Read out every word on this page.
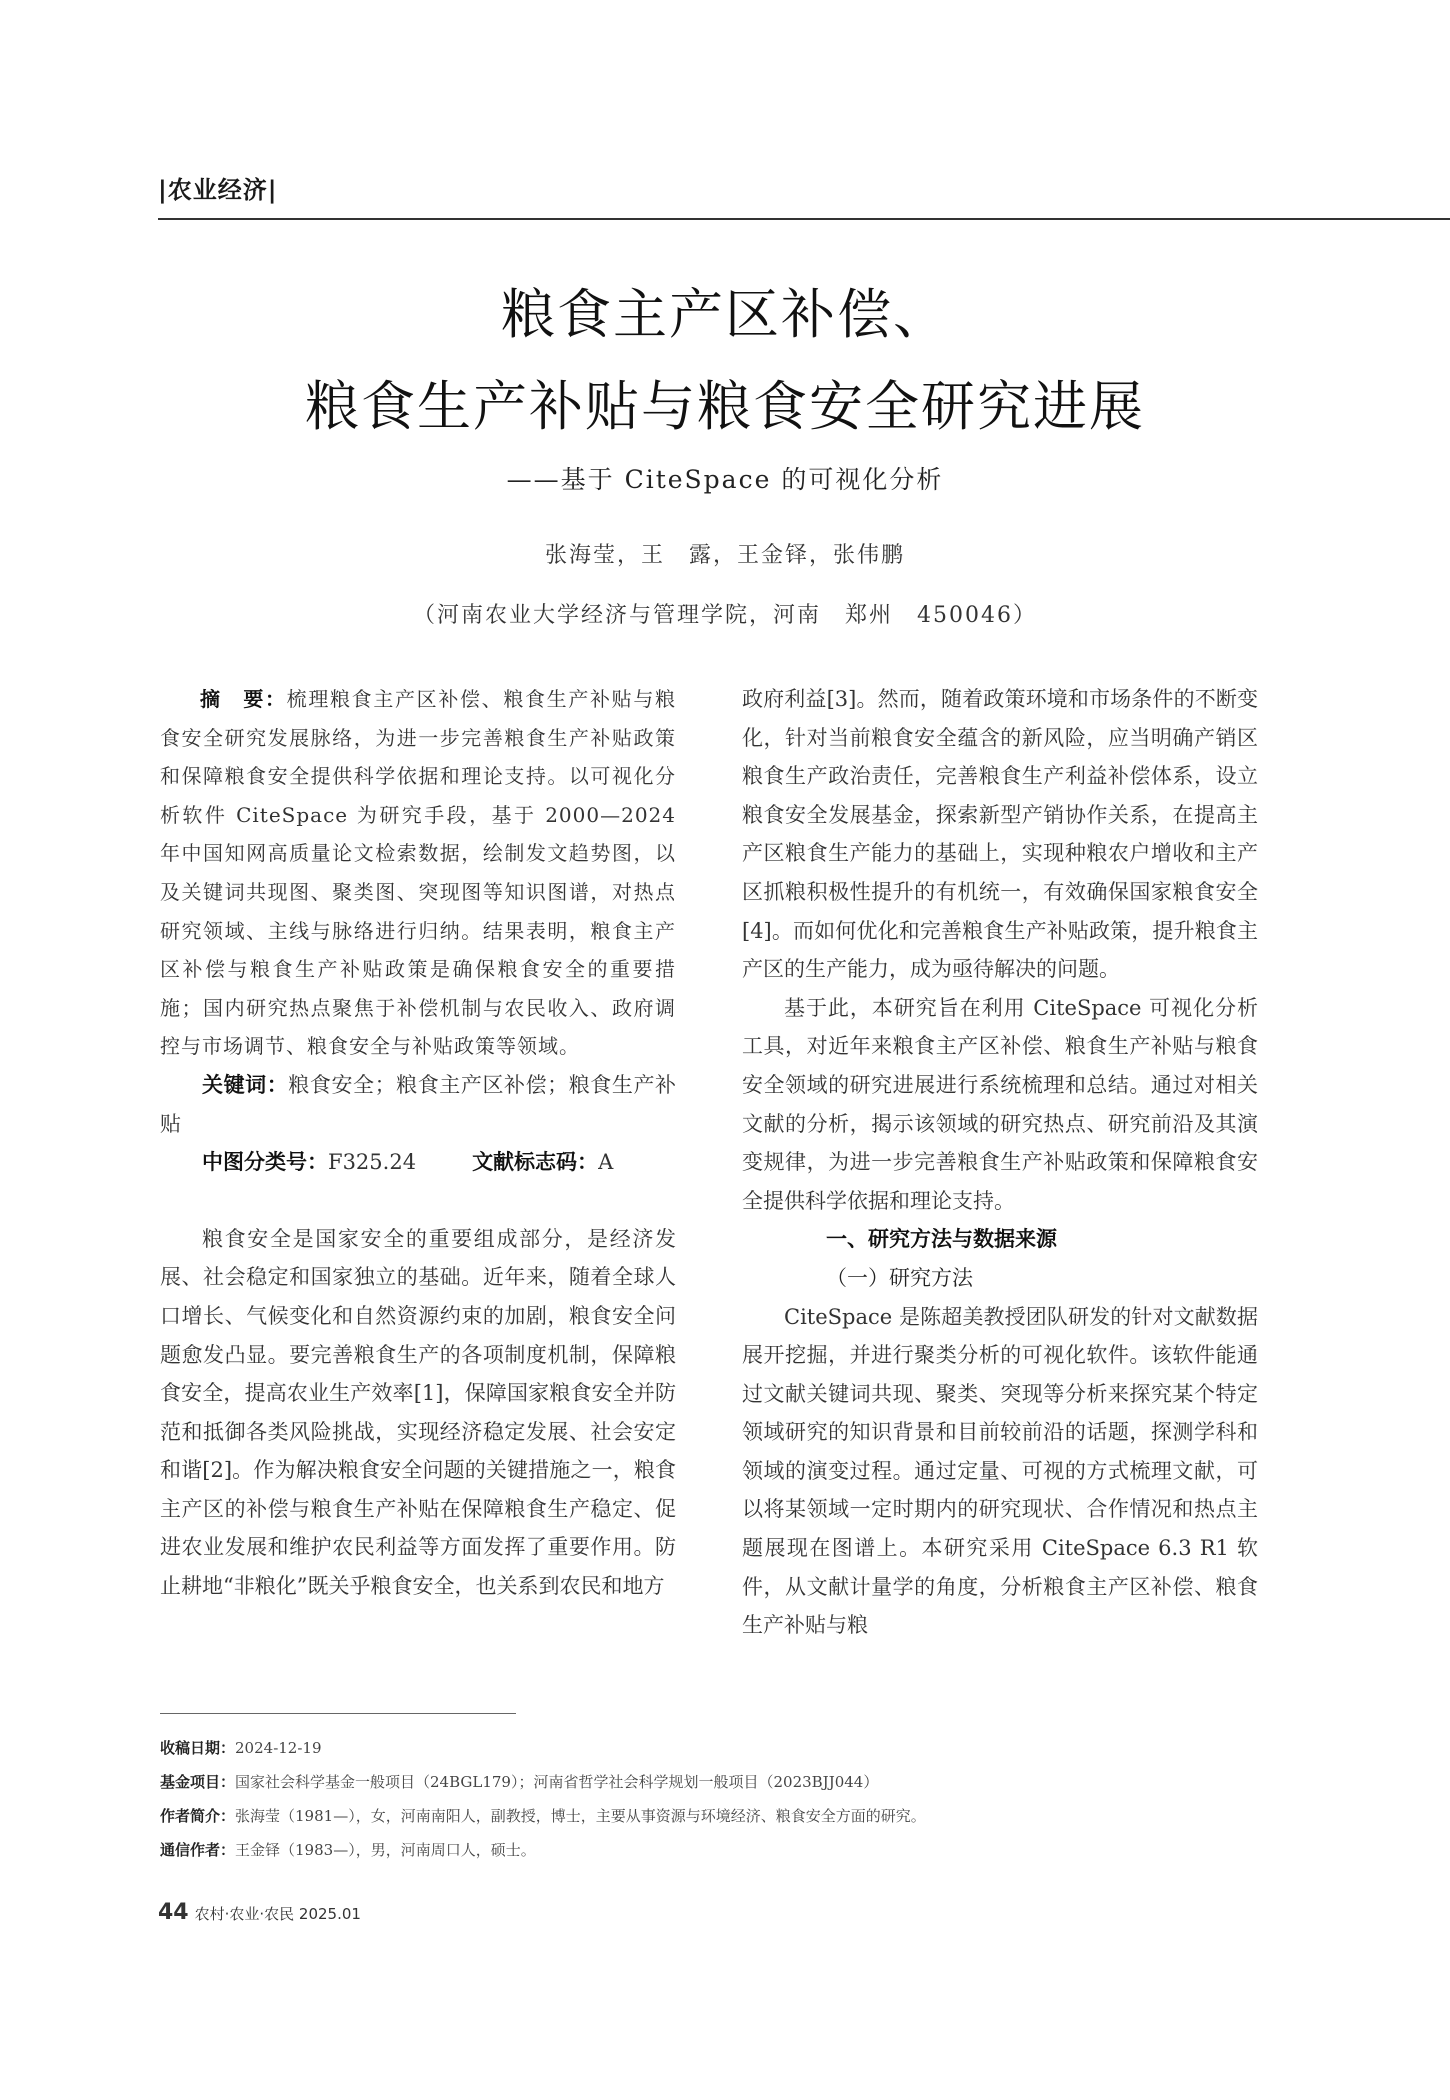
|农业经济|
粮食主产区补偿、
粮食生产补贴与粮食安全研究进展
——基于 CiteSpace 的可视化分析
张海莹，王　露，王金铎，张伟鹏
（河南农业大学经济与管理学院，河南　郑州　450046）

摘　要：梳理粮食主产区补偿、粮食生产补贴与粮食安全研究发展脉络，为进一步完善粮食生产补贴政策和保障粮食安全提供科学依据和理论支持。以可视化分析软件 CiteSpace 为研究手段，基于 2000—2024 年中国知网高质量论文检索数据，绘制发文趋势图，以及关键词共现图、聚类图、突现图等知识图谱，对热点研究领域、主线与脉络进行归纳。结果表明，粮食主产区补偿与粮食生产补贴政策是确保粮食安全的重要措施；国内研究热点聚焦于补偿机制与农民收入、政府调控与市场调节、粮食安全与补贴政策等领域。

关键词：粮食安全；粮食主产区补偿；粮食生产补贴

中图分类号：F325.24	文献标志码：A

粮食安全是国家安全的重要组成部分，是经济发展、社会稳定和国家独立的基础。近年来，随着全球人口增长、气候变化和自然资源约束的加剧，粮食安全问题愈发凸显。要完善粮食生产的各项制度机制，保障粮食安全，提高农业生产效率[1]，保障国家粮食安全并防范和抵御各类风险挑战，实现经济稳定发展、社会安定和谐[2]。作为解决粮食安全问题的关键措施之一，粮食主产区的补偿与粮食生产补贴在保障粮食生产稳定、促进农业发展和维护农民利益等方面发挥了重要作用。防止耕地“非粮化”既关乎粮食安全，也关系到农民和地方

政府利益[3]。然而，随着政策环境和市场条件的不断变化，针对当前粮食安全蕴含的新风险，应当明确产销区粮食生产政治责任，完善粮食生产利益补偿体系，设立粮食安全发展基金，探索新型产销协作关系，在提高主产区粮食生产能力的基础上，实现种粮农户增收和主产区抓粮积极性提升的有机统一，有效确保国家粮食安全[4]。而如何优化和完善粮食生产补贴政策，提升粮食主产区的生产能力，成为亟待解决的问题。

基于此，本研究旨在利用 CiteSpace 可视化分析工具，对近年来粮食主产区补偿、粮食生产补贴与粮食安全领域的研究进展进行系统梳理和总结。通过对相关文献的分析，揭示该领域的研究热点、研究前沿及其演变规律，为进一步完善粮食生产补贴政策和保障粮食安全提供科学依据和理论支持。

一、研究方法与数据来源

（一）研究方法

CiteSpace 是陈超美教授团队研发的针对文献数据展开挖掘，并进行聚类分析的可视化软件。该软件能通过文献关键词共现、聚类、突现等分析来探究某个特定领域研究的知识背景和目前较前沿的话题，探测学科和领域的演变过程。通过定量、可视的方式梳理文献，可以将某领域一定时期内的研究现状、合作情况和热点主题展现在图谱上。本研究采用 CiteSpace 6.3 R1 软件，从文献计量学的角度，分析粮食主产区补偿、粮食生产补贴与粮

收稿日期：2024-12-19
基金项目：国家社会科学基金一般项目（24BGL179）；河南省哲学社会科学规划一般项目（2023BJJ044）
作者简介：张海莹（1981—），女，河南南阳人，副教授，博士，主要从事资源与环境经济、粮食安全方面的研究。
通信作者：王金铎（1983—），男，河南周口人，硕士。
44 农村·农业·农民 2025.01
